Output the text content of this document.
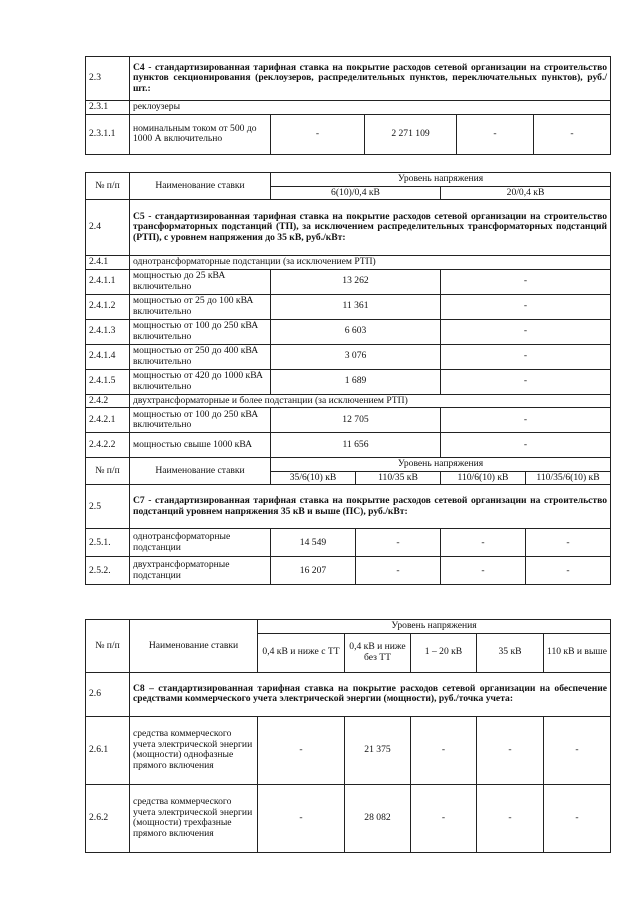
2.3	С4 - стандартизированная тарифная ставка на покрытие расходов сетевой организации на строительство пунктов секционирования (реклоузеров, распределительных пунктов, переключательных пунктов), руб./шт.:				
2.3.1	реклоузеры				
2.3.1.1	номинальным током от 500 до 1000 А включительно	-	2 271 109	-	-
№ п/п	Наименование ставки	Уровень напряжения			
		6(10)/0,4 кВ		20/0,4 кВ	
2.4	С5 - стандартизированная тарифная ставка на покрытие расходов сетевой организации на строительство трансформаторных подстанций (ТП), за исключением распределительных трансформаторных подстанций (РТП), с уровнем напряжения до 35 кВ, руб./кВт:				
2.4.1	однотрансформаторные подстанции (за исключением РТП)				
2.4.1.1	мощностью до 25 кВА включительно	13 262		-	
2.4.1.2	мощностью от 25 до 100 кВА включительно	11 361		-	
2.4.1.3	мощностью от 100 до 250 кВА включительно	6 603		-	
2.4.1.4	мощностью от 250 до 400 кВА включительно	3 076		-	
2.4.1.5	мощностью от 420 до 1000 кВА включительно	1 689		-	
2.4.2	двухтрансформаторные и более подстанции (за исключением РТП)				
2.4.2.1	мощностью от 100 до 250 кВА включительно	12 705		-	
2.4.2.2	мощностью свыше 1000 кВА	11 656		-	
№ п/п	Наименование ставки	Уровень напряжения			
		35/6(10) кВ	110/35 кВ	110/6(10) кВ	110/35/6(10) кВ
2.5	С7 - стандартизированная тарифная ставка на покрытие расходов сетевой организации на строительство подстанций уровнем напряжения 35 кВ и выше (ПС), руб./кВт:				
2.5.1.	однотрансформаторные подстанции	14 549	-	-	-
2.5.2.	двухтрансформаторные подстанции	16 207	-	-	-
№ п/п	Наименование ставки	Уровень напряжения				
		0,4 кВ и ниже с ТТ	0,4 кВ и ниже без ТТ	1 – 20 кВ	35 кВ	110 кВ и выше
2.6	С8 – стандартизированная тарифная ставка на покрытие расходов сетевой организации на обеспечение средствами коммерческого учета электрической энергии (мощности), руб./точка учета:					
2.6.1	средства коммерческого учета электрической энергии (мощности) однофазные прямого включения	-	21 375	-	-	-
2.6.2	средства коммерческого учета электрической энергии (мощности) трехфазные прямого включения	-	28 082	-	-	-
